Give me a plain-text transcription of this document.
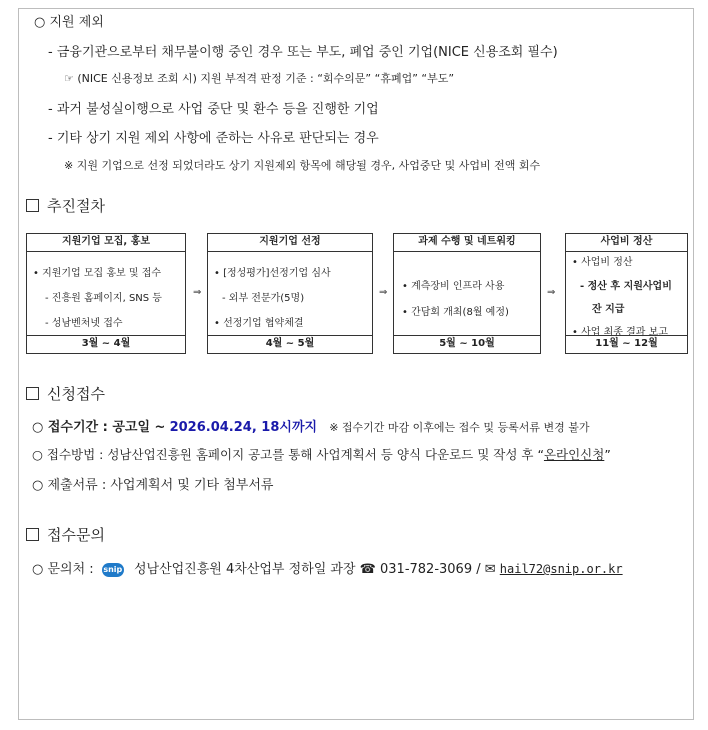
○ 지원 제외
- 금융기관으로부터 채무불이행 중인 경우 또는 부도, 폐업 중인 기업(NICE 신용조회 필수)
☞ (NICE 신용정보 조회 시) 지원 부적격 판정 기준 : “회수의문” “휴폐업” “부도”
- 과거 불성실이행으로 사업 중단 및 환수 등을 진행한 기업
- 기타 상기 지원 제외 사항에 준하는 사유로 판단되는 경우
※ 지원 기업으로 선정 되었더라도 상기 지원제외 항목에 해당될 경우, 사업중단 및 사업비 전액 회수
추진절차
지원기업 모집, 홍보
• 지원기업 모집 홍보 및 접수
- 진흥원 홈페이지, SNS 등
- 성남벤처넷 접수
3월 ~ 4월
⇒
지원기업 선정
• [정성평가]선정기업 심사
- 외부 전문가(5명)
• 선정기업 협약체결
4월 ~ 5월
⇒
과제 수행 및 네트워킹
• 계측장비 인프라 사용
• 간담회 개최(8월 예정)
5월 ~ 10월
⇒
사업비 정산
• 사업비 정산
- 정산 후 지원사업비
잔 지급
• 사업 최종 결과 보고
11월 ~ 12월
신청접수
○ 접수기간 : 공고일 ~ 2026.04.24, 18시까지 ※ 접수기간 마감 이후에는 접수 및 등록서류 변경 불가
○ 접수방법 : 성남산업진흥원 홈페이지 공고를 통해 사업계획서 등 양식 다운로드 및 작성 후 “온라인신청”
○ 제출서류 : 사업계획서 및 기타 첨부서류
접수문의
○ 문의처 : snip 성남산업진흥원 4차산업부 정하일 과장 ☎ 031-782-3069 / ✉ hail72@snip.or.kr
